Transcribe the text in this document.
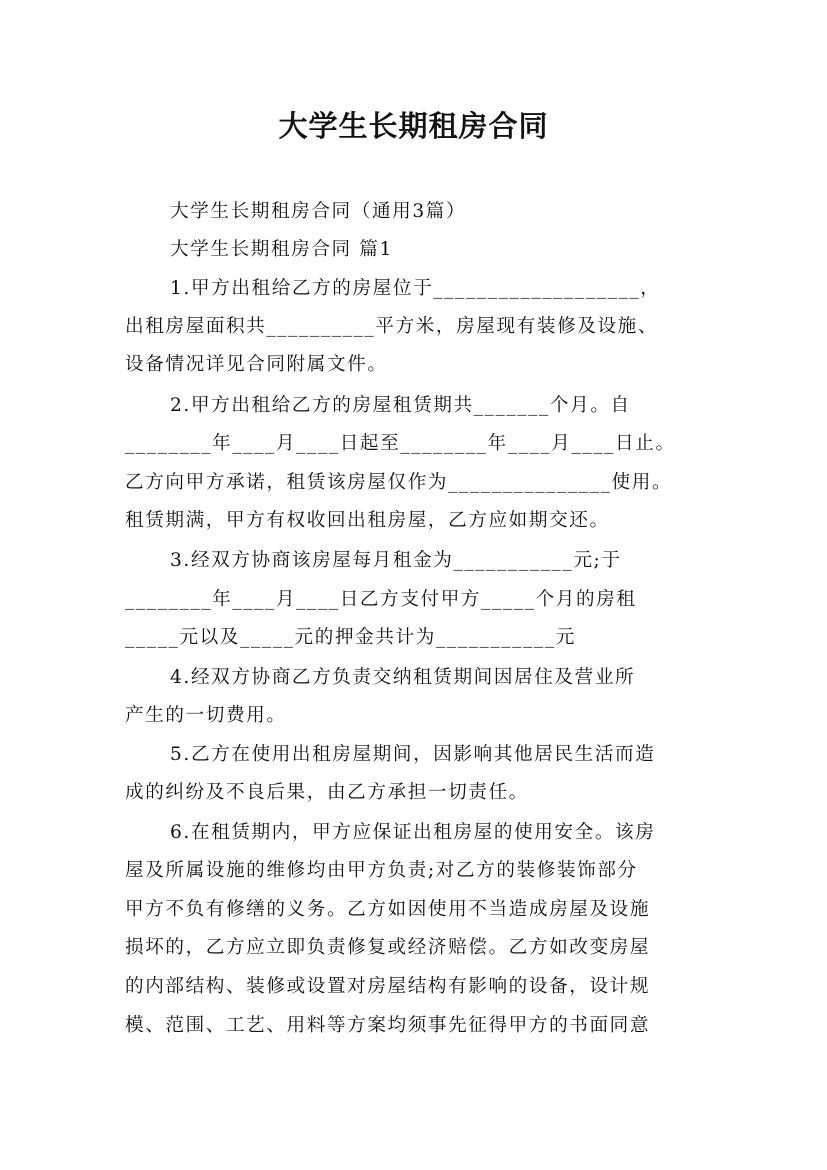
大学生长期租房合同
大学生长期租房合同（通用3篇）
大学生长期租房合同 篇1
1.甲方出租给乙方的房屋位于___________________，
出租房屋面积共__________平方米，房屋现有装修及设施、
设备情况详见合同附属文件。
2.甲方出租给乙方的房屋租赁期共_______个月。自
________年____月____日起至________年____月____日止。
乙方向甲方承诺，租赁该房屋仅作为_______________使用。
租赁期满，甲方有权收回出租房屋，乙方应如期交还。
3.经双方协商该房屋每月租金为___________元;于
________年____月____日乙方支付甲方_____个月的房租
_____元以及_____元的押金共计为___________元
4.经双方协商乙方负责交纳租赁期间因居住及营业所
产生的一切费用。
5.乙方在使用出租房屋期间，因影响其他居民生活而造
成的纠纷及不良后果，由乙方承担一切责任。
6.在租赁期内，甲方应保证出租房屋的使用安全。该房
屋及所属设施的维修均由甲方负责;对乙方的装修装饰部分
甲方不负有修缮的义务。乙方如因使用不当造成房屋及设施
损坏的，乙方应立即负责修复或经济赔偿。乙方如改变房屋
的内部结构、装修或设置对房屋结构有影响的设备，设计规
模、范围、工艺、用料等方案均须事先征得甲方的书面同意
